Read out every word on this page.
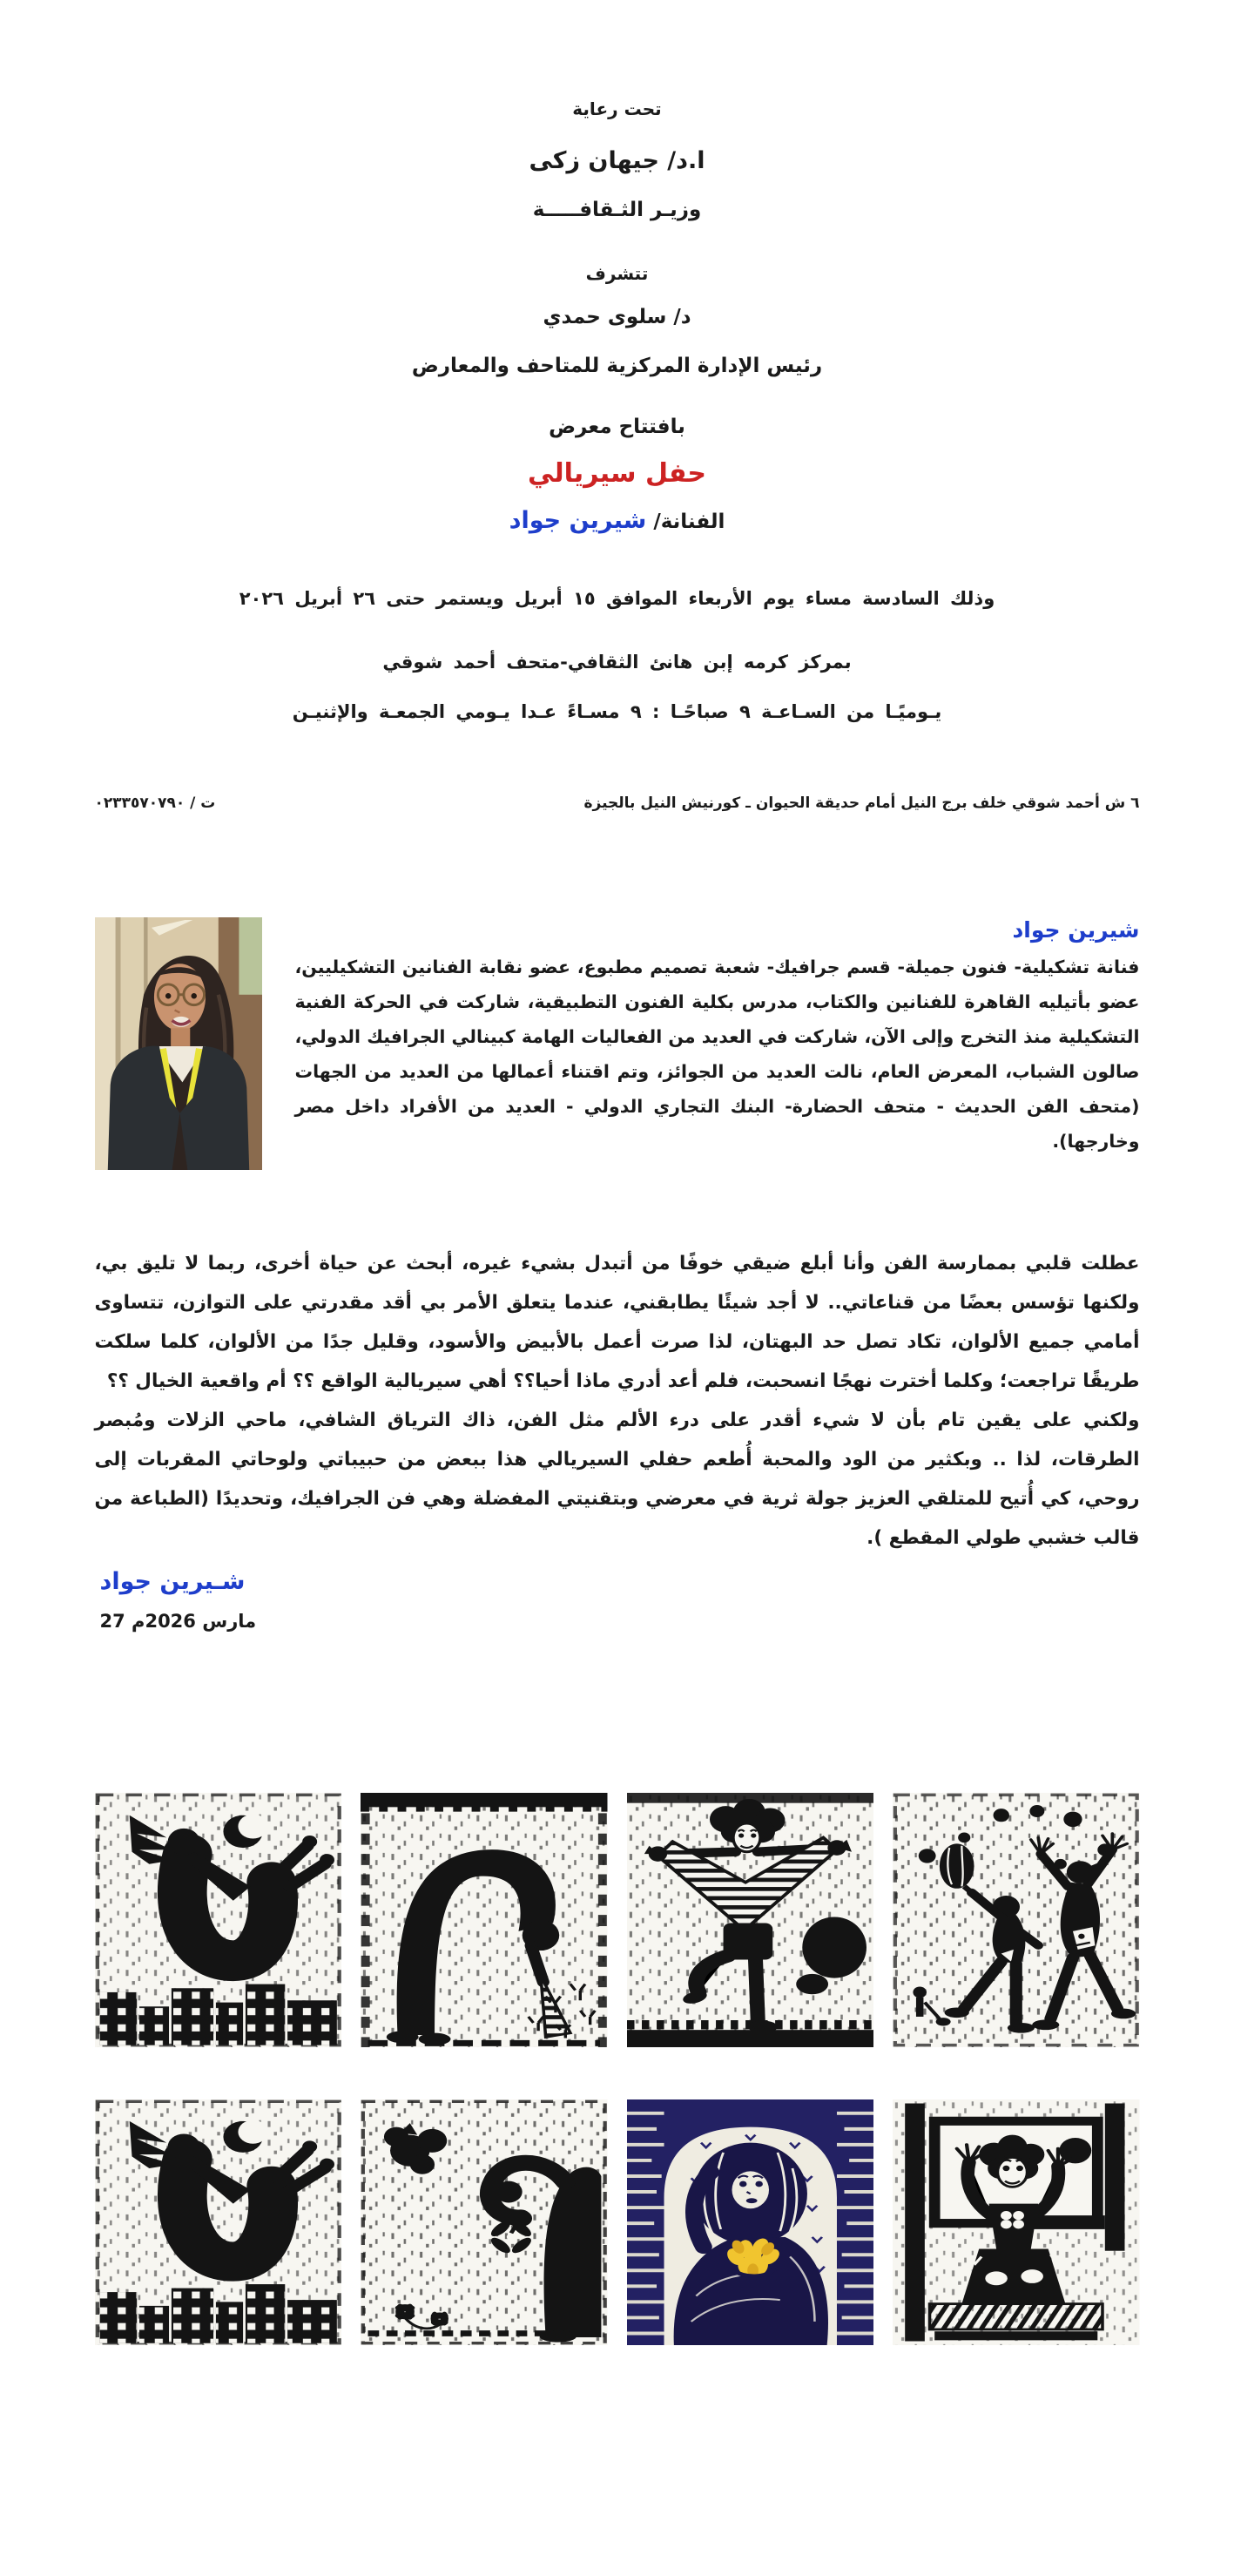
تحت رعاية
ا.د/ جيهان زكى
وزيـر الثـقافـــــة
تتشرف
د/ سلوى حمدي
رئيس الإدارة المركزية للمتاحف والمعارض
بافتتاح معرض
حفل سيريالي
الفنانة/ شيرين جواد
وذلك السادسة مساء يوم الأربعاء الموافق ١٥ أبريل ويستمر حتى ٢٦ أبريل ٢٠٢٦
بمركز كرمه إبن هانئ الثقافي-متحف أحمد شوقي
يـوميًـا من السـاعـة ٩ صباحًـا : ٩ مسـاءً عـدا يـومي الجمعـة والإثنيـن
٦ ش أحمد شوقي خلف برج النيل أمام حديقة الحيوان ـ كورنيش النيل بالجيزة
ت / ٠٢٣٣٥٧٠٧٩٠
شيرين جواد

فنانة تشكيلية- فنون جميلة- قسم جرافيك- شعبة تصميم مطبوع، عضو نقابة الفنانين التشكيليين، عضو بأتيليه القاهرة للفنانين والكتاب، مدرس بكلية الفنون التطبيقية، شاركت في الحركة الفنية التشكيلية منذ التخرج وإلى الآن، شاركت في العديد من الفعاليات الهامة كبينالي الجرافيك الدولي، صالون الشباب، المعرض العام، نالت العديد من الجوائز، وتم اقتناء أعمالها من العديد من الجهات (متحف الفن الحديث - متحف الحضارة- البنك التجاري الدولي - العديد من الأفراد داخل مصر وخارجها).

عطلت قلبي بممارسة الفن وأنا أبلع ضيقي خوفًا من أتبدل بشيء غيره، أبحث عن حياة أخرى، ربما لا تليق بي، ولكنها تؤسس بعضًا من قناعاتي.. لا أجد شيئًا يطابقني، عندما يتعلق الأمر بي أقد مقدرتي على التوازن، تتساوى أمامي جميع الألوان، تكاد تصل حد البهتان، لذا صرت أعمل بالأبيض والأسود، وقليل جدًا من الألوان، كلما سلكت طريقًا تراجعت؛ وكلما أخترت نهجًا انسحبت، فلم أعد أدري ماذا أحيا؟؟ أهي سيريالية الواقع ؟؟ أم واقعية الخيال ؟؟

ولكني على يقين تام بأن لا شيء أقدر على درء الألم مثل الفن، ذاك الترياق الشافي، ماحي الزلات ومُبصر الطرقات، لذا .. وبكثير من الود والمحبة أُطعم حفلي السيريالي هذا ببعض من حبيباتي ولوحاتي المقربات إلى روحي، كي أُتيح للمتلقي العزيز جولة ثرية في معرضي وبتقنيتي المفضلة وهي فن الجرافيك، وتحديدًا (الطباعة من قالب خشبي طولي المقطع ).

شـيرين جواد
27 مارس 2026م
